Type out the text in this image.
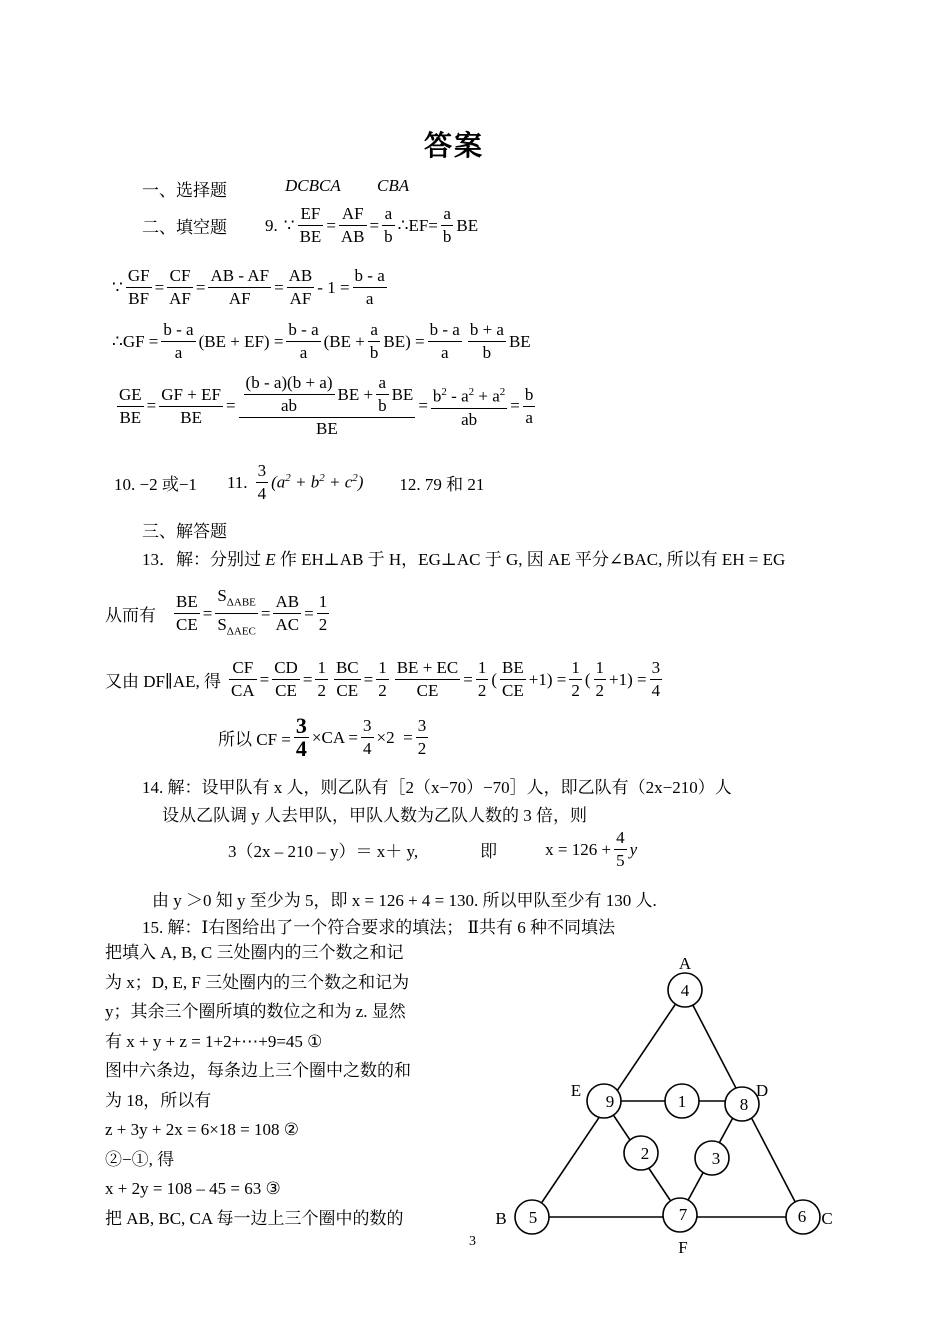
答案
一、选择题	DCBCA CBA
二、填空题 9. ∵ $\frac{EF}{BE} = \frac{AF}{AB} = \frac{a}{b}$ ∴EF= $\frac{a}{b}$ BE
∵ $\frac{GF}{BF} = \frac{CF}{AF} = \frac{AB - AF}{AF} = \frac{AB}{AF} - 1 = \frac{b - a}{a}$
∴GF = $\frac{b - a}{a} (BE + EF) = \frac{b - a}{a} (BE + \frac{a}{b} BE) = \frac{b - a}{a} \frac{b + a}{b}$ BE
$\frac{GE}{BE} = \frac{GF + EF}{BE} = \frac{\frac{(b - a)(b + a)}{ab} BE + \frac{a}{b} BE}{BE} = \frac{b^2 - a^2 + a^2}{ab} = \frac{b}{a}$
10. −2 或−1 11. $\frac{3}{4} (a^2 + b^2 + c^2)$ 12. 79 和 21
三、解答题
13．解：分别过 E 作 EH⊥AB 于 H，EG⊥AC 于 G, 因 AE 平分∠BAC, 所以有 EH = EG
从而有 $\frac{BE}{CE} = \frac{S_{\Delta ABE}}{S_{\Delta AEC}} = \frac{AB}{AC} = \frac{1}{2}$
又由 DF∥AE, 得 $\frac{CF}{CA} = \frac{CD}{CE} = \frac{1}{2} \frac{BC}{CE} = \frac{1}{2} \frac{BE + EC}{CE} = \frac{1}{2}$ ( $\frac{BE}{CE} +1) = \frac{1}{2}$ ( $\frac{1}{2} +1) = \frac{3}{4}$
所以 CF = $\frac{3}{4} \times CA = \frac{3}{4} \times 2 = \frac{3}{2}$
14. 解：设甲队有 x 人，则乙队有［2（x−70）−70］人，即乙队有（2x−210）人
设从乙队调 y 人去甲队，甲队人数为乙队人数的 3 倍，则
3（2x – 210 – y）＝ x＋ y,	即	$x = 126 + \frac{4}{5}$ y
由 y ＞0 知 y 至少为 5，即 x = 126 + 4 = 130. 所以甲队至少有 130 人.
15. 解：Ⅰ右图给出了一个符合要求的填法； Ⅱ共有 6 种不同填法
把填入 A, B, C 三处圈内的三个数之和记
为 x；D, E, F 三处圈内的三个数之和记为
y；其余三个圈所填的数位之和为 z. 显然
有 x + y + z = 1+2+⋯+9=45 ①
图中六条边，每条边上三个圈中之数的和
为 18，所以有
z + 3y + 2x = 6×18 = 108 ②
②−①, 得
x + 2y = 108 – 45 = 63 ③
把 AB, BC, CA 每一边上三个圈中的数的
4
9	1	8
2	3
5	7	6
A
B	C
D
E
F
3
